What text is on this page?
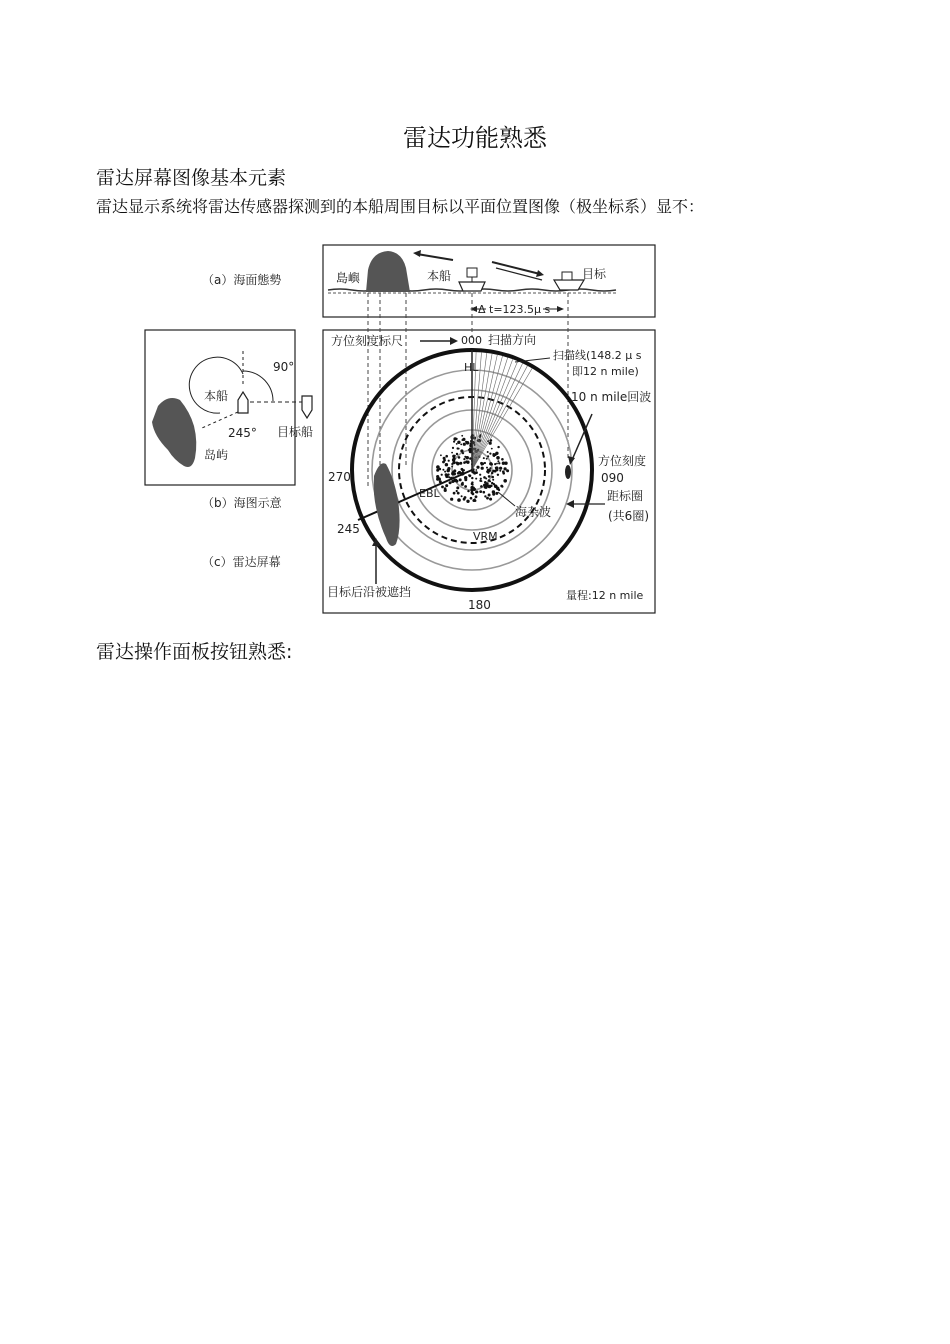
雷达功能熟悉
雷达屏幕图像基本元素
雷达显示系统将雷达传感器探测到的本船周围目标以平面位置图像（极坐标系）显不：
（a）海面態勢	島嶼	本船	目标
Δ t=123.5μ s
90°
本船
245° 目标船
岛屿
（b）海图示意
（c）雷达屏幕
方位刻度标尺	000 扫描方向
扫描线(148.2 μ s
即12 n mile)
HL
10 n mile回波
方位刻度
090
270
245
180
EBL
海杂波
VRM
距标圈
(共6圈)
目标后沿被遮挡	量程:12 n mile
雷达操作面板按钮熟悉:
